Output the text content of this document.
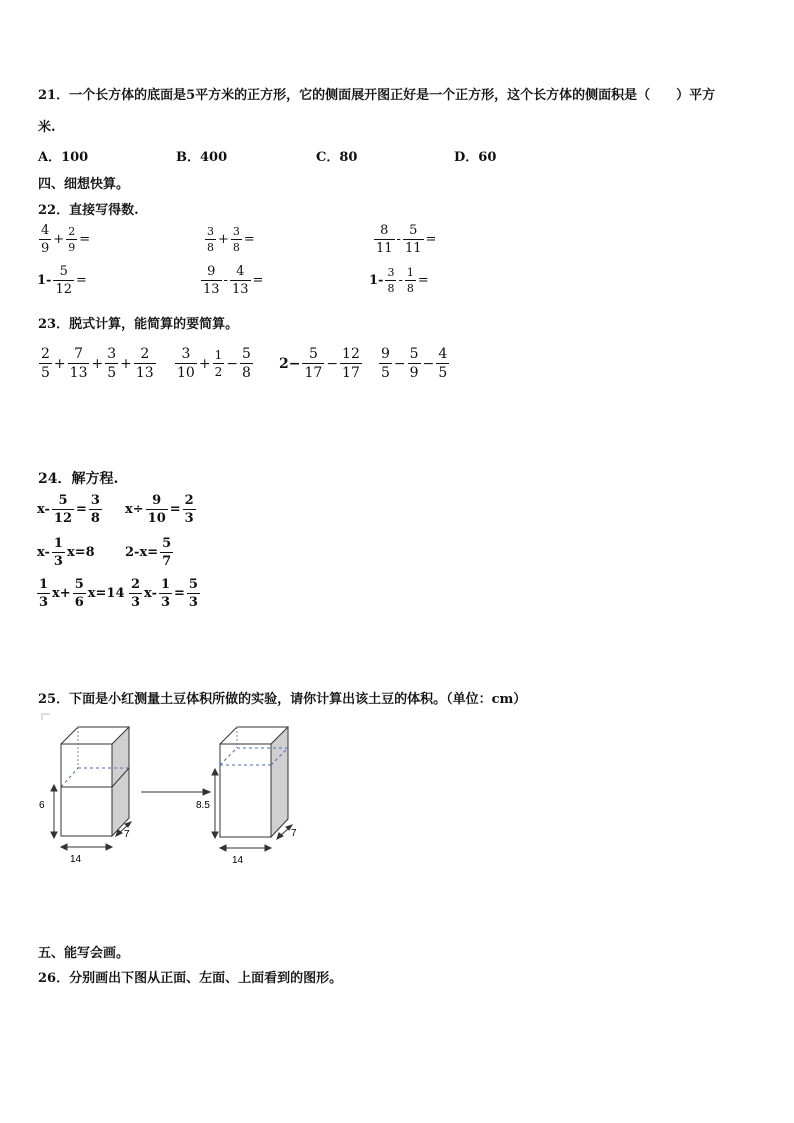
21．一个长方体的底面是5平方米的正方形，它的侧面展开图正好是一个正方形，这个长方体的侧面积是（　　）平方
米.
A．100	B．400	C．80	D．60
四、细想快算。
22．直接写得数.
$\frac{4}{9} + \frac{2}{9}$ =	$\frac{3}{8} + \frac{3}{8}$ =	$\frac{8}{11} - \frac{5}{11}$ =
$1- \frac{5}{12}$ =	$\frac{9}{13} - \frac{4}{13}$ =	$1- \frac{3}{8} - \frac{1}{8}$ =
23．脱式计算，能简算的要简算。
$\frac{2}{5} + \frac{7}{13} + \frac{3}{5} + \frac{2}{13} \frac{3}{10} + \frac{1}{2} - \frac{5}{8} 2- \frac{5}{17} - \frac{12}{17} \frac{9}{5} - \frac{5}{9} - \frac{4}{5}$
24．解方程.
$x- \frac{5}{12} = \frac{3}{8} x\div \frac{9}{10} = \frac{2}{3}$
$x- \frac{1}{3} x=8$ $2-x= \frac{5}{7}$
$\frac{1}{3} x+ \frac{5}{6} x=14 \frac{2}{3} x- \frac{1}{3} = \frac{5}{3}$
25．下面是小红测量土豆体积所做的实验，请你计算出该土豆的体积。（单位：cm）
6
14
7
8.5
14
7
五、能写会画。
26．分别画出下图从正面、左面、上面看到的图形。
